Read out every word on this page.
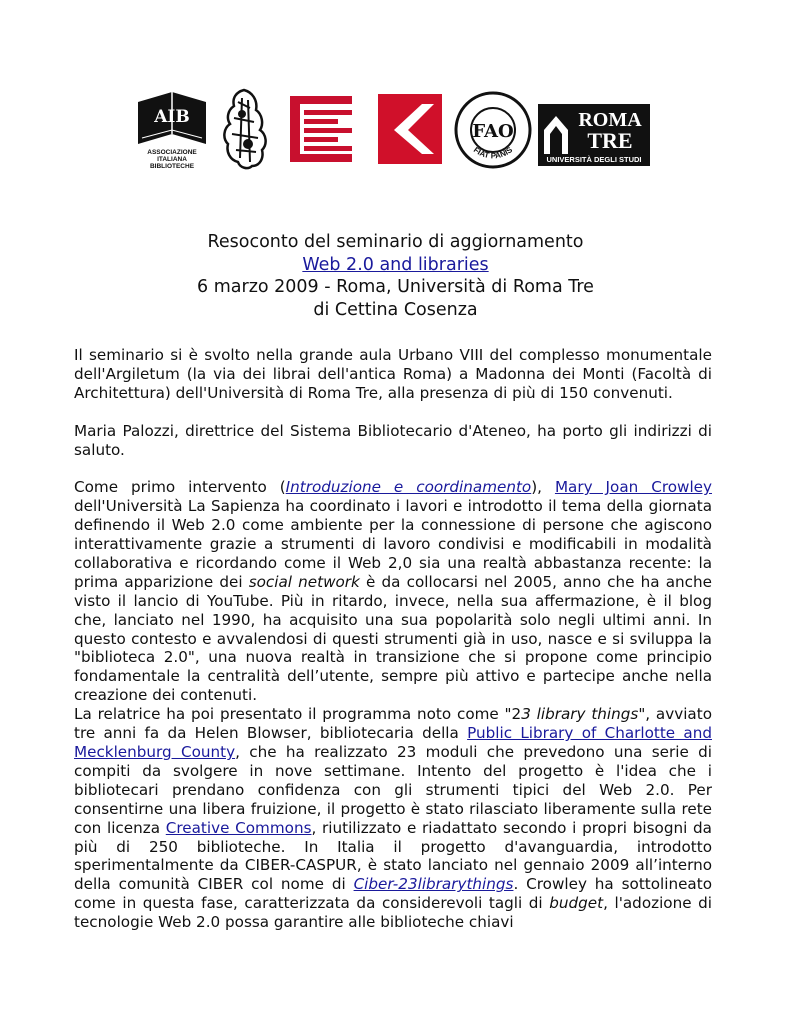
AIB
ASSOCIAZIONE
ITALIANA
BIBLIOTECHE
FAO
FIAT PANIS
ROMA
TRE
UNIVERSITÀ DEGLI STUDI
Resoconto del seminario di aggiornamento
Web 2.0 and libraries
6 marzo 2009 - Roma, Università di Roma Tre
di Cettina Cosenza

Il seminario si è svolto nella grande aula Urbano VIII del complesso monumentale dell'Argiletum (la via dei librai dell'antica Roma) a Madonna dei Monti (Facoltà di Architettura) dell'Università di Roma Tre, alla presenza di più di 150 convenuti.

Maria Palozzi, direttrice del Sistema Bibliotecario d'Ateneo, ha porto gli indirizzi di saluto.

Come primo intervento (Introduzione e coordinamento), Mary Joan Crowley dell'Università La Sapienza ha coordinato i lavori e introdotto il tema della giornata definendo il Web 2.0 come ambiente per la connessione di persone che agiscono interattivamente grazie a strumenti di lavoro condivisi e modificabili in modalità collaborativa e ricordando come il Web 2,0 sia una realtà abbastanza recente: la prima apparizione dei social network è da collocarsi nel 2005, anno che ha anche visto il lancio di YouTube. Più in ritardo, invece, nella sua affermazione, è il blog che, lanciato nel 1990, ha acquisito una sua popolarità solo negli ultimi anni. In questo contesto e avvalendosi di questi strumenti già in uso, nasce e si sviluppa la "biblioteca 2.0", una nuova realtà in transizione che si propone come principio fondamentale la centralità dell’utente, sempre più attivo e partecipe anche nella creazione dei contenuti.

La relatrice ha poi presentato il programma noto come "23 library things", avviato tre anni fa da Helen Blowser, bibliotecaria della Public Library of Charlotte and Mecklenburg County, che ha realizzato 23 moduli che prevedono una serie di compiti da svolgere in nove settimane. Intento del progetto è l'idea che i bibliotecari prendano confidenza con gli strumenti tipici del Web 2.0. Per consentirne una libera fruizione, il progetto è stato rilasciato liberamente sulla rete con licenza Creative Commons, riutilizzato e riadattato secondo i propri bisogni da più di 250 biblioteche. In Italia il progetto d'avanguardia, introdotto sperimentalmente da CIBER-CASPUR, è stato lanciato nel gennaio 2009 all’interno della comunità CIBER col nome di Ciber-23librarythings. Crowley ha sottolineato come in questa fase, caratterizzata da considerevoli tagli di budget, l'adozione di tecnologie Web 2.0 possa garantire alle biblioteche chiavi
